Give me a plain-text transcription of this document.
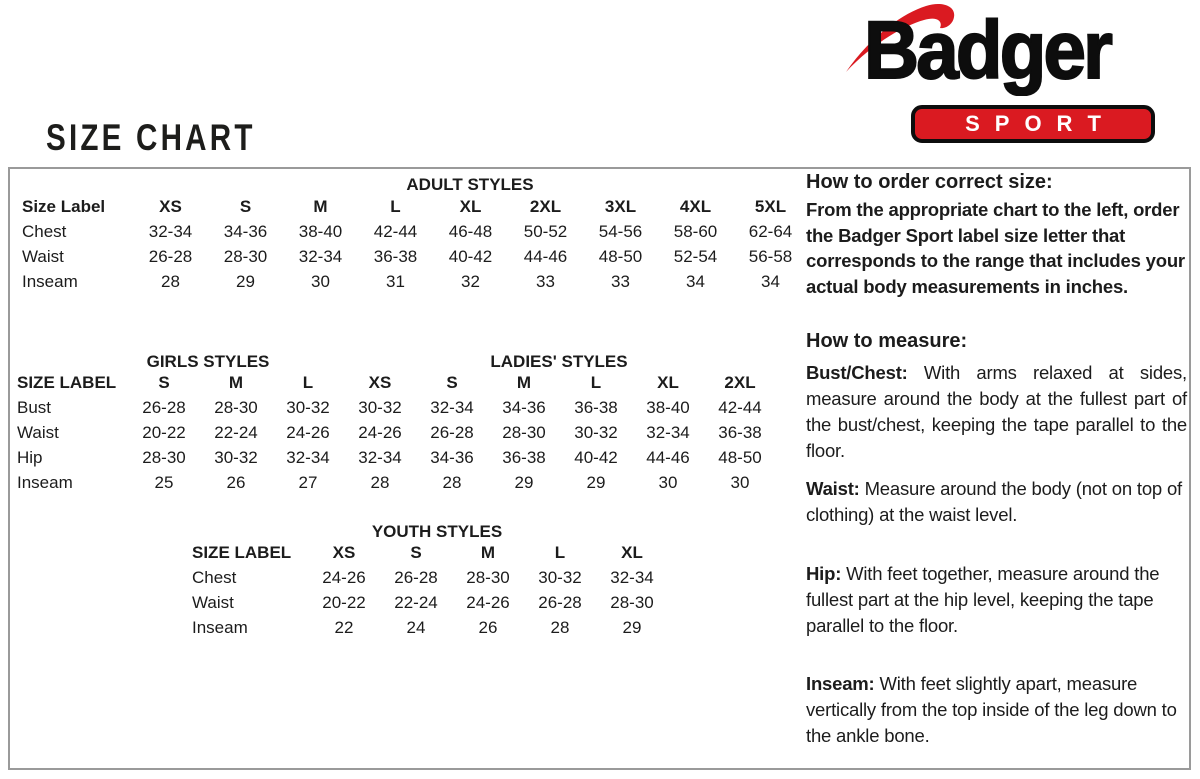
Badger
SPORT
SIZE CHART
ADULT STYLES
GIRLS STYLES	LADIES' STYLES
YOUTH STYLES
Size Label	XS	S	M	L	XL	2XL	3XL	4XL	5XL
Chest	32-34	34-36	38-40	42-44	46-48	50-52	54-56	58-60	62-64
Waist	26-28	28-30	32-34	36-38	40-42	44-46	48-50	52-54	56-58
Inseam	28	29	30	31	32	33	33	34	34
SIZE LABEL	S	M	L	XS	S	M	L	XL	2XL
Bust	26-28	28-30	30-32	30-32	32-34	34-36	36-38	38-40	42-44
Waist	20-22	22-24	24-26	24-26	26-28	28-30	30-32	32-34	36-38
Hip	28-30	30-32	32-34	32-34	34-36	36-38	40-42	44-46	48-50
Inseam	25	26	27	28	28	29	29	30	30
SIZE LABEL	XS	S	M	L	XL
Chest	24-26	26-28	28-30	30-32	32-34
Waist	20-22	22-24	24-26	26-28	28-30
Inseam	22	24	26	28	29
How to order correct size:
From the appropriate chart to the left, order the Badger Sport label size letter that corresponds to the range that includes your actual body measurements in inches.
How to measure:
Bust/Chest: With arms relaxed at sides, measure around the body at the fullest part of the bust/chest, keeping the tape parallel to the floor.
Waist: Measure around the body (not on top of clothing) at the waist level.
Hip: With feet together, measure around the fullest part at the hip level, keeping the tape parallel to the floor.
Inseam: With feet slightly apart, measure vertically from the top inside of the leg down to the ankle bone.
